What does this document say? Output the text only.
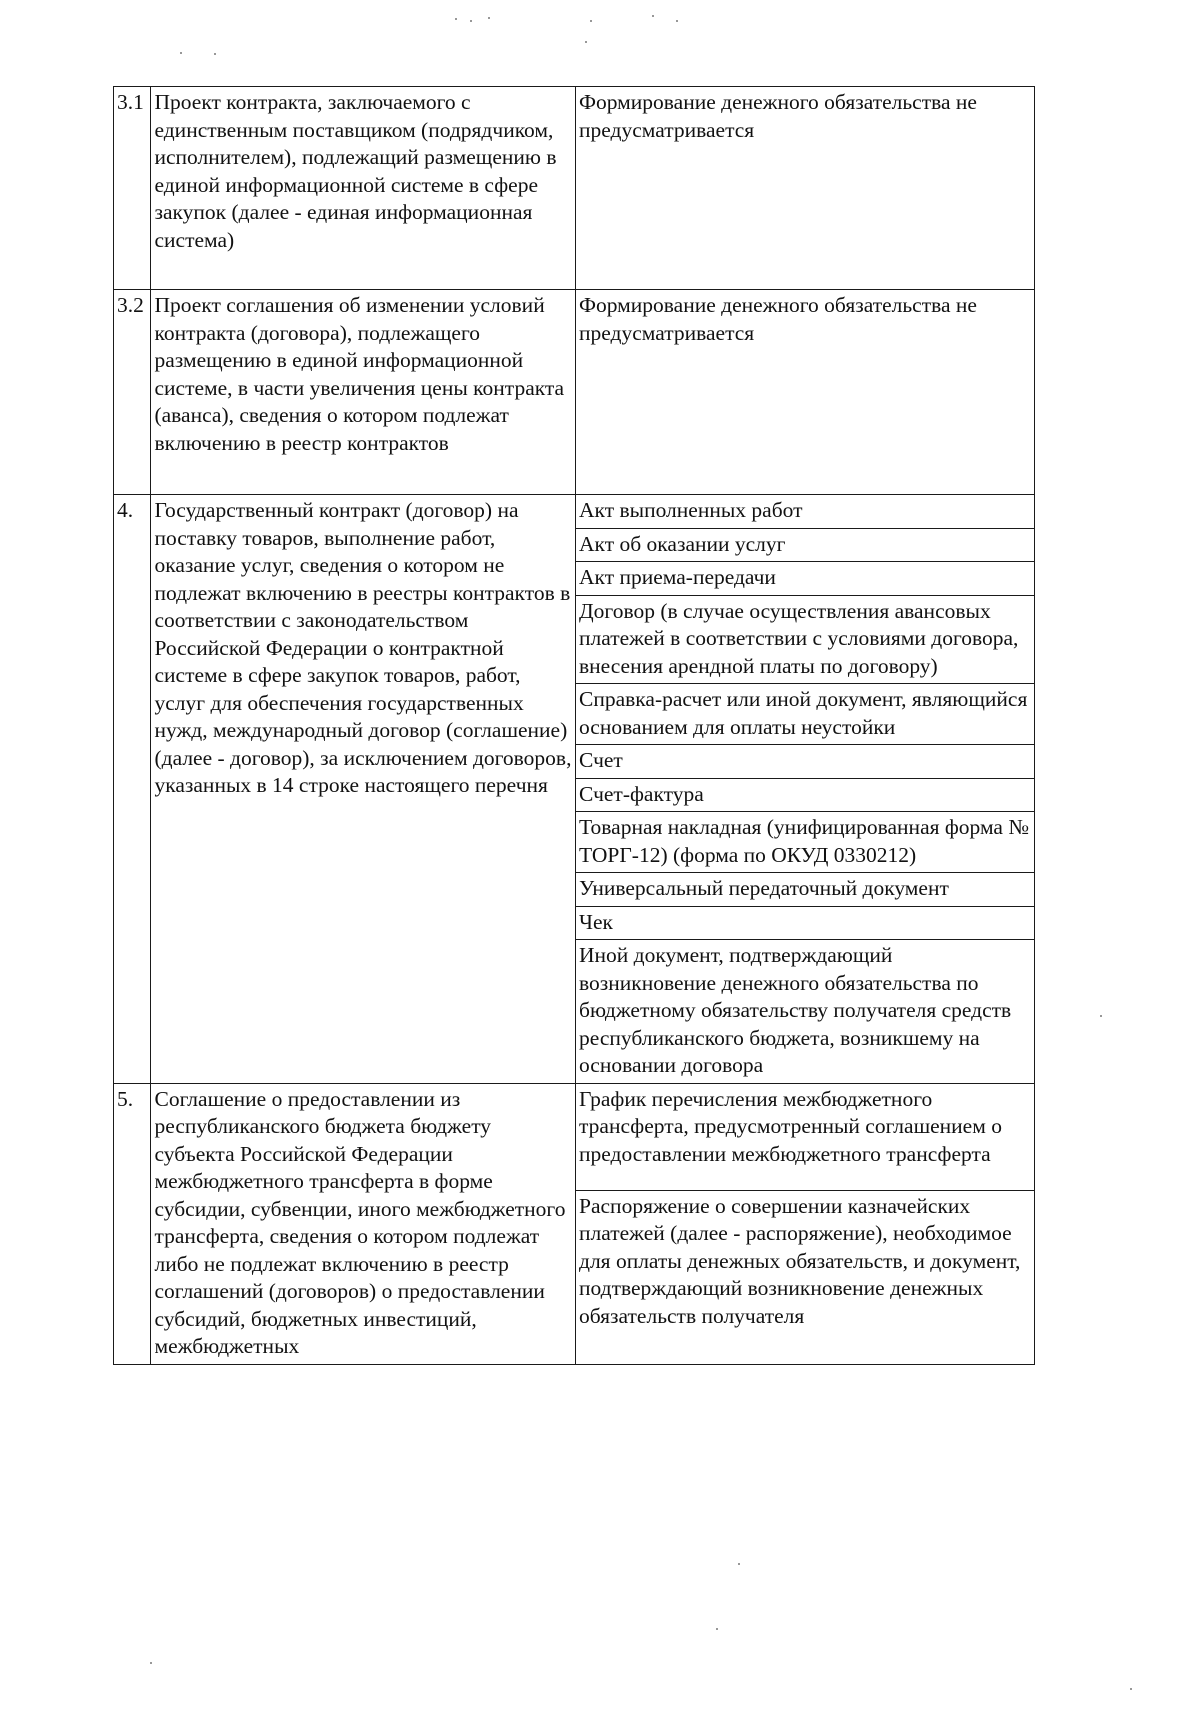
3.1	Проект контракта, заключаемого с единственным поставщиком (подрядчиком, исполнителем), подлежащий размещению в единой информационной системе в сфере закупок (далее - единая информационная система)	Формирование денежного обязательства не предусматривается
3.2	Проект соглашения об изменении условий контракта (договора), подлежащего размещению в единой информационной системе, в части увеличения цены контракта (аванса), сведения о котором подлежат включению в реестр контрактов	Формирование денежного обязательства не предусматривается
4.	Государственный контракт (договор) на поставку товаров, выполнение работ, оказание услуг, сведения о котором не подлежат включению в реестры контрактов в соответствии с законодательством Российской Федерации о контрактной системе в сфере закупок товаров, работ, услуг для обеспечения государственных нужд, международный договор (соглашение) (далее - договор), за исключением договоров, указанных в 14 строке настоящего перечня	Акт выполненных работ
		Акт об оказании услуг
		Акт приема-передачи
		Договор (в случае осуществления авансовых платежей в соответствии с условиями договора, внесения арендной платы по договору)
		Справка-расчет или иной документ, являющийся основанием для оплаты неустойки
		Счет
		Счет-фактура
		Товарная накладная (унифицированная форма № ТОРГ-12) (форма по ОКУД 0330212)
		Универсальный передаточный документ
		Чек
		Иной документ, подтверждающий возникновение денежного обязательства по бюджетному обязательству получателя средств республиканского бюджета, возникшему на основании договора
5.	Соглашение о предоставлении из республиканского бюджета бюджету субъекта Российской Федерации межбюджетного трансферта в форме субсидии, субвенции, иного межбюджетного трансферта, сведения о котором подлежат либо не подлежат включению в реестр соглашений (договоров) о предоставлении субсидий, бюджетных инвестиций, межбюджетных	График перечисления межбюджетного трансферта, предусмотренный соглашением о предоставлении межбюджетного трансферта
		Распоряжение о совершении казначейских платежей (далее - распоряжение), необходимое для оплаты денежных обязательств, и документ, подтверждающий возникновение денежных обязательств получателя
